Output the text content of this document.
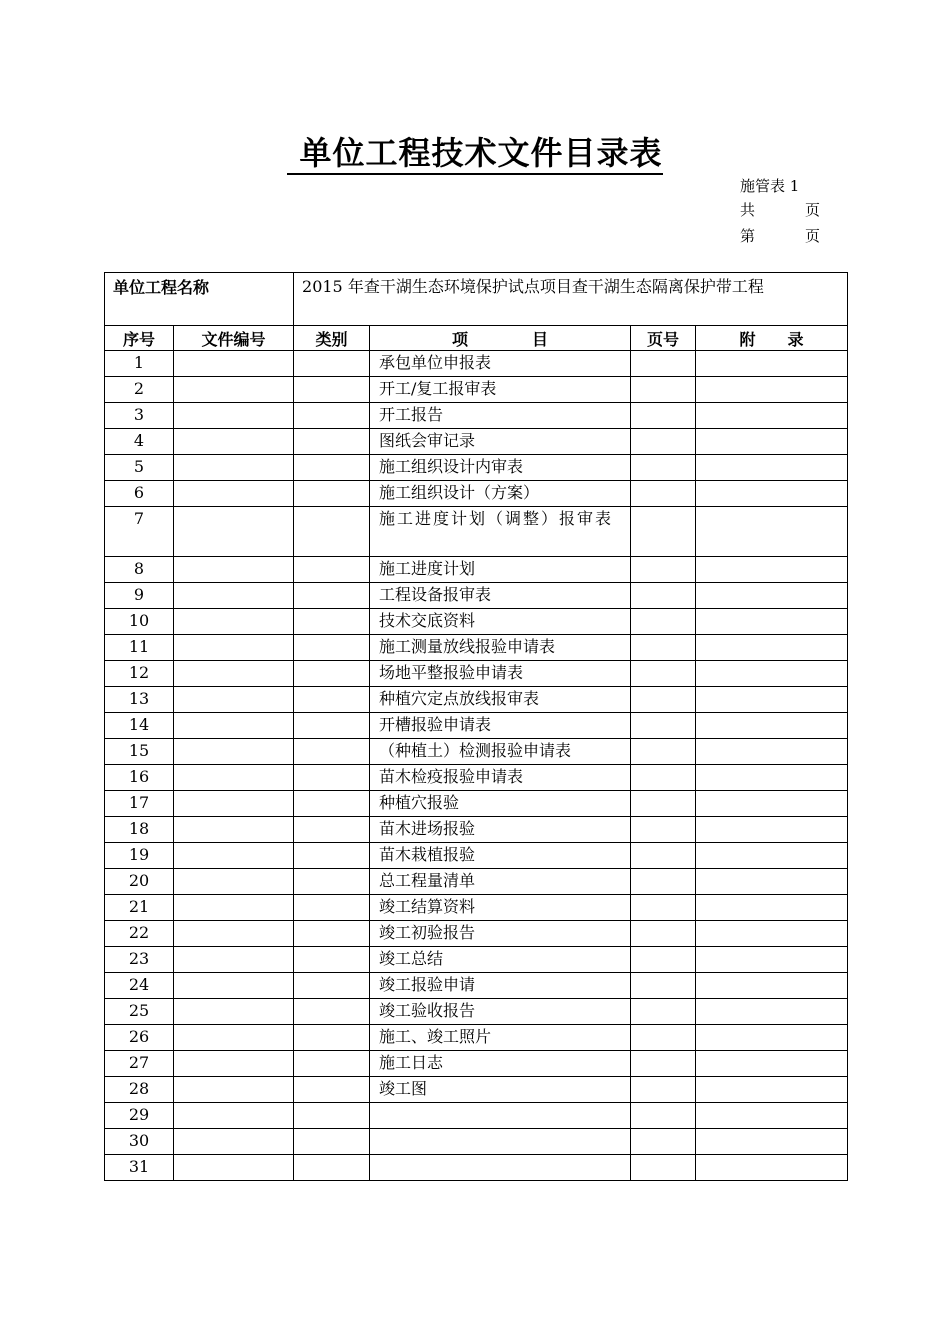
单位工程技术文件目录表
施管表 1
共	页
第	页
单位工程名称		2015 年查干湖生态环境保护试点项目查干湖生态隔离保护带工程			
序号	文件编号	类别	项　　　　目	页号	附　　录
1			承包单位申报表		
2			开工/复工报审表		
3			开工报告		
4			图纸会审记录		
5			施工组织设计内审表		
6			施工组织设计（方案）		
7			施工进度计划（调整）报审表		
8			施工进度计划		
9			工程设备报审表		
10			技术交底资料		
11			施工测量放线报验申请表		
12			场地平整报验申请表		
13			种植穴定点放线报审表		
14			开槽报验申请表		
15			（种植土）检测报验申请表		
16			苗木检疫报验申请表		
17			种植穴报验		
18			苗木进场报验		
19			苗木栽植报验		
20			总工程量清单		
21			竣工结算资料		
22			竣工初验报告		
23			竣工总结		
24			竣工报验申请		
25			竣工验收报告		
26			施工、竣工照片		
27			施工日志		
28			竣工图		
29					
30					
31					
